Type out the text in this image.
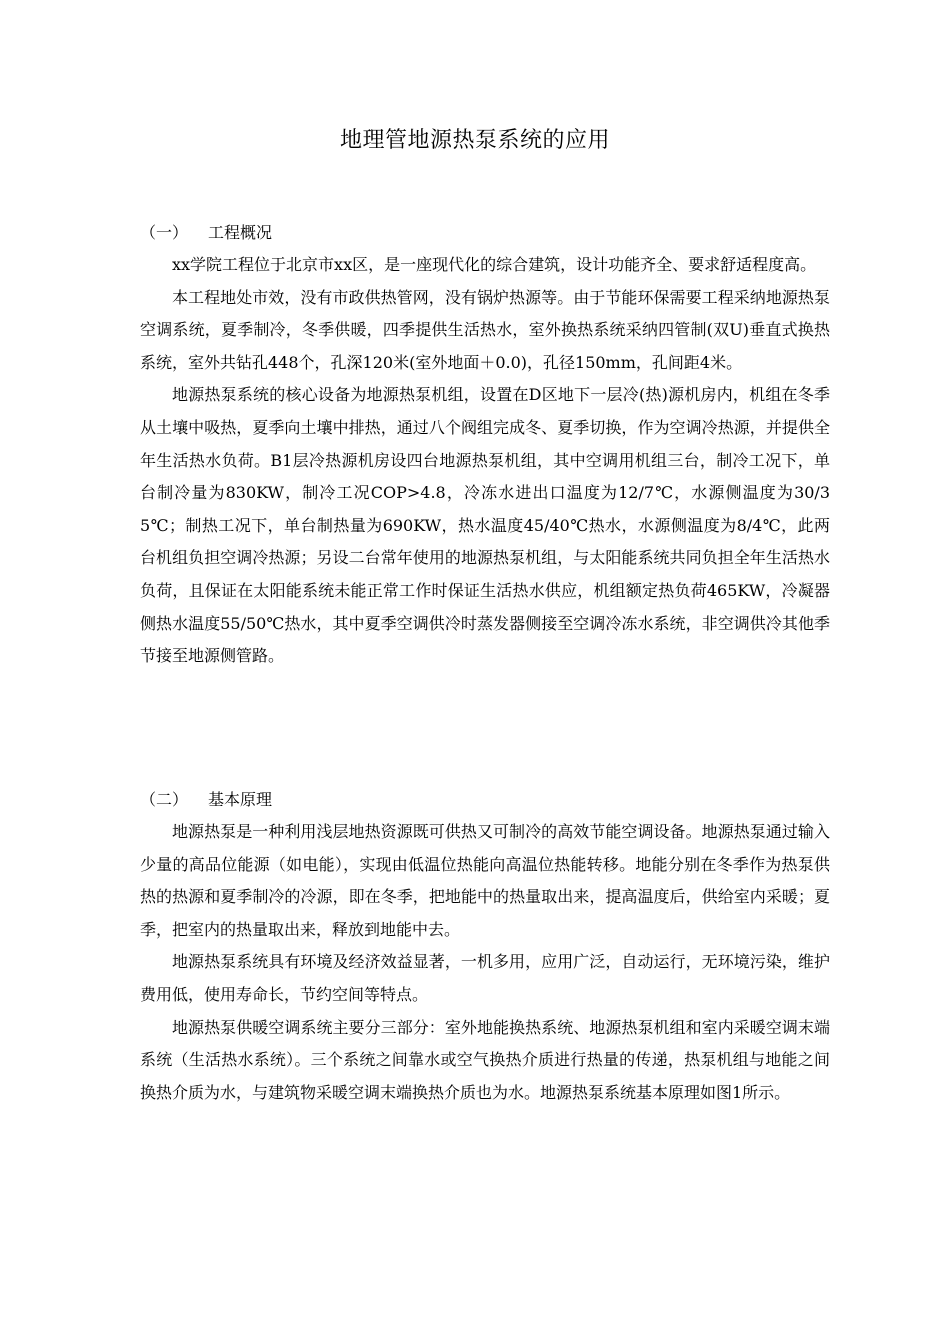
地理管地源热泵系统的应用
（一） 工程概况

xx学院工程位于北京市xx区，是一座现代化的综合建筑，设计功能齐全、要求舒适程度高。

本工程地处市效，没有市政供热管网，没有锅炉热源等。由于节能环保需要工程采纳地源热泵空调系统，夏季制冷，冬季供暖，四季提供生活热水，室外换热系统采纳四管制(双U)垂直式换热系统，室外共钻孔448个，孔深120米(室外地面＋0.0)，孔径150mm，孔间距4米。

地源热泵系统的核心设备为地源热泵机组，设置在D区地下一层冷(热)源机房内，机组在冬季从土壤中吸热，夏季向土壤中排热，通过八个阀组完成冬、夏季切换，作为空调冷热源，并提供全年生活热水负荷。B1层冷热源机房设四台地源热泵机组，其中空调用机组三台，制冷工况下，单台制冷量为830KW，制冷工况COP>4.8，冷冻水进出口温度为12/7℃，水源侧温度为30/35℃；制热工况下，单台制热量为690KW，热水温度45/40℃热水，水源侧温度为8/4℃，此两台机组负担空调冷热源；另设二台常年使用的地源热泵机组，与太阳能系统共同负担全年生活热水负荷，且保证在太阳能系统未能正常工作时保证生活热水供应，机组额定热负荷465KW，冷凝器侧热水温度55/50℃热水，其中夏季空调供冷时蒸发器侧接至空调冷冻水系统，非空调供冷其他季节接至地源侧管路。

（二） 基本原理

地源热泵是一种利用浅层地热资源既可供热又可制冷的高效节能空调设备。地源热泵通过输入少量的高品位能源（如电能），实现由低温位热能向高温位热能转移。地能分别在冬季作为热泵供热的热源和夏季制冷的冷源，即在冬季，把地能中的热量取出来，提高温度后，供给室内采暖；夏季，把室内的热量取出来，释放到地能中去。

地源热泵系统具有环境及经济效益显著，一机多用，应用广泛，自动运行，无环境污染，维护费用低，使用寿命长，节约空间等特点。

地源热泵供暖空调系统主要分三部分：室外地能换热系统、地源热泵机组和室内采暖空调末端系统（生活热水系统）。三个系统之间靠水或空气换热介质进行热量的传递，热泵机组与地能之间换热介质为水，与建筑物采暖空调末端换热介质也为水。地源热泵系统基本原理如图1所示。
